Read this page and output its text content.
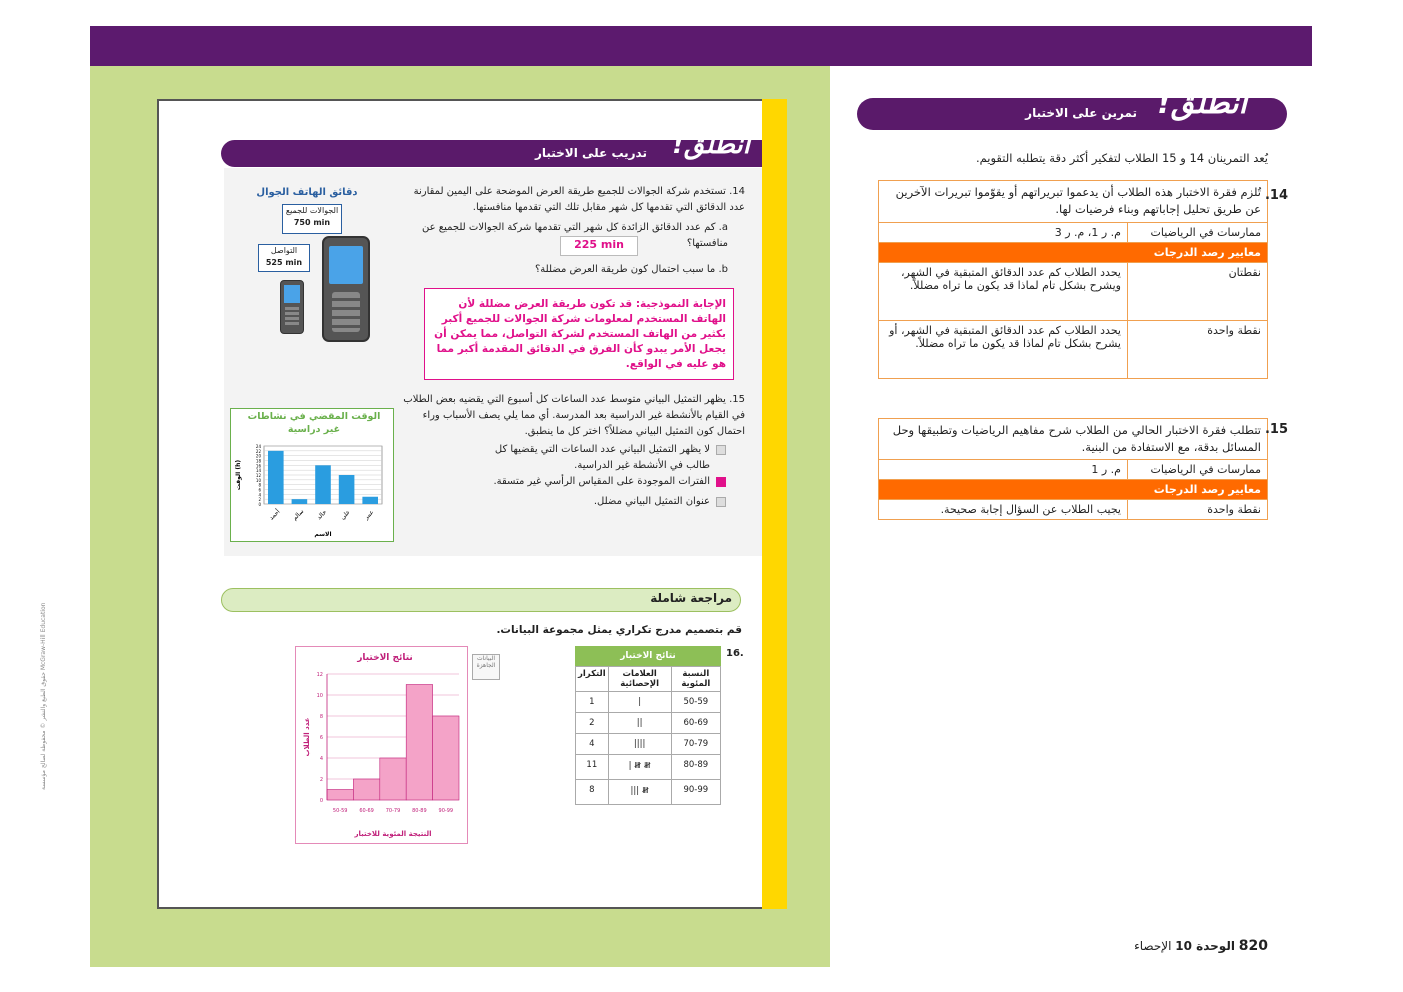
انطلق!
تمرين على الاختبار
يُعد التمرينان 14 و 15 الطلاب لتفكير أكثر دقة يتطلبه التقويم.
14.
تُلزم فقرة الاختبار هذه الطلاب أن يدعموا تبريراتهم أو يقوّموا تبريرات الآخرين عن طريق تحليل إجاباتهم وبناء فرضيات لها.	
ممارسات في الرياضيات	م. ر 1، م. ر 3
معايير رصد الدرجات	
نقطتان	يحدد الطلاب كم عدد الدقائق المتبقية في الشهر، ويشرح بشكل تام لماذا قد يكون ما تراه مضللاً.
نقطة واحدة	يحدد الطلاب كم عدد الدقائق المتبقية في الشهر، أو يشرح بشكل تام لماذا قد يكون ما تراه مضللاً.
15.
تتطلب فقرة الاختبار الحالي من الطلاب شرح مفاهيم الرياضيات وتطبيقها وحل المسائل بدقة، مع الاستفادة من البنية.	
ممارسات في الرياضيات	م. ر 1
معايير رصد الدرجات	
نقطة واحدة	يجيب الطلاب عن السؤال إجابة صحيحة.
820 الوحدة 10 الإحصاء
انطلق!
تدريب على الاختبار
14. تستخدم شركة الجوالات للجميع طريقة العرض الموضحة على اليمين لمقارنة عدد الدقائق التي تقدمها كل شهر مقابل تلك التي تقدمها منافستها.
a. كم عدد الدقائق الزائدة كل شهر التي تقدمها شركة الجوالات للجميع عن منافستها؟
225 min
b. ما سبب احتمال كون طريقة العرض مضللة؟
الإجابة النموذجية: قد تكون طريقة العرض مضللة لأن الهاتف المستخدم لمعلومات شركة الجوالات للجميع أكبر بكثير من الهاتف المستخدم لشركة التواصل، مما يمكن أن يجعل الأمر يبدو كأن الفرق في الدقائق المقدمة أكبر مما هو عليه في الواقع.
دقائق الهاتف الجوال
الجوالات للجميع
750 min
التواصل
525 min
15. يظهر التمثيل البياني متوسط عدد الساعات كل أسبوع التي يقضيه بعض الطلاب في القيام بالأنشطة غير الدراسية بعد المدرسة. أي مما يلي يصف الأسباب وراء احتمال كون التمثيل البياني مضللاً؟ اختر كل ما ينطبق.
لا يظهر التمثيل البياني عدد الساعات التي يقضيها كل طالب في الأنشطة غير الدراسية.
الفترات الموجودة على المقياس الرأسي غير متسقة.
عنوان التمثيل البياني مضلل.
الوقت المقضي في نشاطات غير دراسية
0
2
4
6
8
10
12
14
16
18
20
22
24
أحمد سالم خالد علي عمر
الوقت (h)
الاسم
مراجعة شاملة
قم بتصميم مدرج تكراري يمثل مجموعة البيانات.
16.
نتائج الاختبار
النسبة المئوية	العلامات الإحصائية	التكرار
50-59	|	1
60-69	||	2
70-79	||||	4
80-89	𝍸 𝍸 |	11
90-99	𝍸 |||	8
نتائج الاختبار
0
2
4
6
8
10
12
50-59 60-69 70-79 80-89 90-99
عدد الطلاب
النتيجة المئوية للاختبار
البيانات الجاهزة
حقوق الطبع والنشر © محفوظة لصالح مؤسسة McGraw-Hill Education
